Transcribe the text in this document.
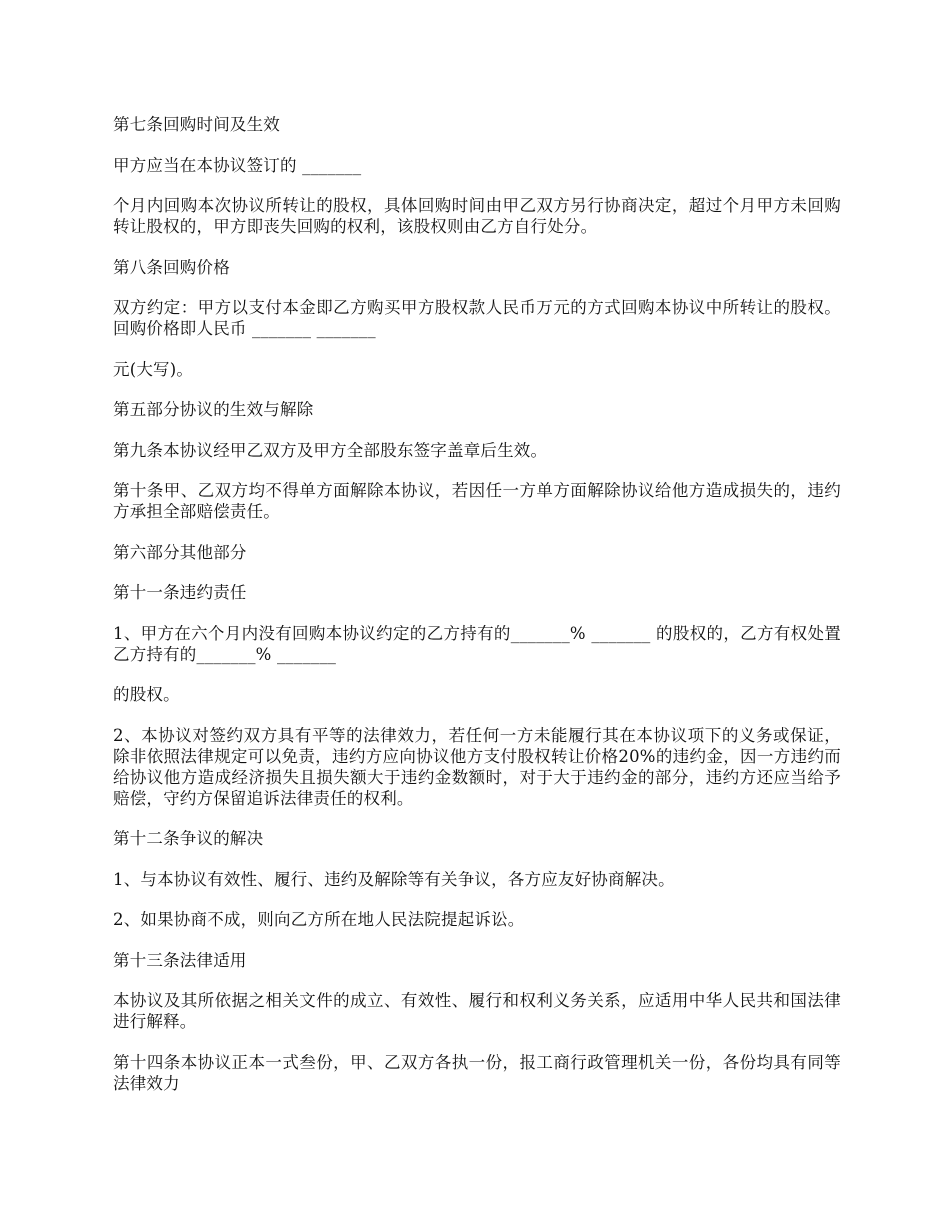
第七条回购时间及生效

甲方应当在本协议签订的 _______

个月内回购本次协议所转让的股权，具体回购时间由甲乙双方另行协商决定，超过个月甲方未回购转让股权的，甲方即丧失回购的权利，该股权则由乙方自行处分。

第八条回购价格

双方约定：甲方以支付本金即乙方购买甲方股权款人民币万元的方式回购本协议中所转让的股权。回购价格即人民币 _______ _______

元(大写)。

第五部分协议的生效与解除

第九条本协议经甲乙双方及甲方全部股东签字盖章后生效。

第十条甲、乙双方均不得单方面解除本协议，若因任一方单方面解除协议给他方造成损失的，违约方承担全部赔偿责任。

第六部分其他部分

第十一条违约责任

1、甲方在六个月内没有回购本协议约定的乙方持有的_______% _______ 的股权的，乙方有权处置乙方持有的_______% _______

的股权。

2、本协议对签约双方具有平等的法律效力，若任何一方未能履行其在本协议项下的义务或保证，除非依照法律规定可以免责，违约方应向协议他方支付股权转让价格20%的违约金，因一方违约而给协议他方造成经济损失且损失额大于违约金数额时，对于大于违约金的部分，违约方还应当给予赔偿，守约方保留追诉法律责任的权利。

第十二条争议的解决

1、与本协议有效性、履行、违约及解除等有关争议，各方应友好协商解决。

2、如果协商不成，则向乙方所在地人民法院提起诉讼。

第十三条法律适用

本协议及其所依据之相关文件的成立、有效性、履行和权利义务关系，应适用中华人民共和国法律进行解释。

第十四条本协议正本一式叁份，甲、乙双方各执一份，报工商行政管理机关一份，各份均具有同等法律效力
